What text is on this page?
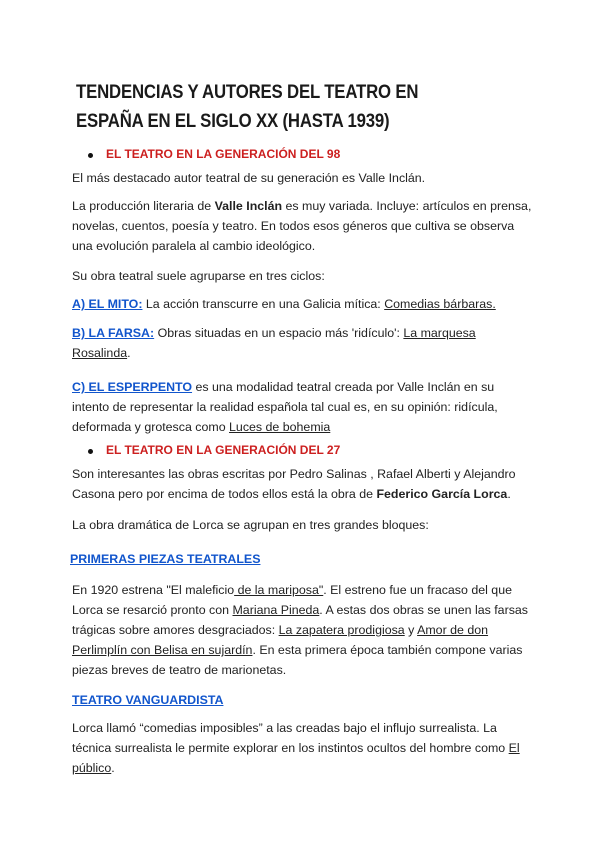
TENDENCIAS Y AUTORES DEL TEATRO EN ESPAÑA EN EL SIGLO XX (HASTA 1939)
EL TEATRO EN LA GENERACIÓN DEL 98
El más destacado autor teatral de su generación es Valle Inclán.
La producción literaria de Valle Inclán es muy variada. Incluye: artículos en prensa, novelas, cuentos, poesía y teatro. En todos esos géneros que cultiva se observa una evolución paralela al cambio ideológico.
Su obra teatral suele agruparse en tres ciclos:
A) EL MITO: La acción transcurre en una Galicia mítica: Comedias bárbaras.
B) LA FARSA: Obras situadas en un espacio más 'ridículo': La marquesa Rosalinda.
C) EL ESPERPENTO es una modalidad teatral creada por Valle Inclán en su intento de representar la realidad española tal cual es, en su opinión: ridícula, deformada y grotesca como Luces de bohemia
EL TEATRO EN LA GENERACIÓN DEL 27
Son interesantes las obras escritas por Pedro Salinas , Rafael Alberti y Alejandro Casona pero por encima de todos ellos está la obra de Federico García Lorca.
La obra dramática de Lorca se agrupan en tres grandes bloques:
PRIMERAS PIEZAS TEATRALES
En 1920 estrena "El maleficio de la mariposa". El estreno fue un fracaso del que Lorca se resarció pronto con Mariana Pineda. A estas dos obras se unen las farsas trágicas sobre amores desgraciados: La zapatera prodigiosa y Amor de don Perlimplín con Belisa en sujardín. En esta primera época también compone varias piezas breves de teatro de marionetas.
TEATRO VANGUARDISTA
Lorca llamó “comedias imposibles” a las creadas bajo el influjo surrealista. La técnica surrealista le permite explorar en los instintos ocultos del hombre como El público.
